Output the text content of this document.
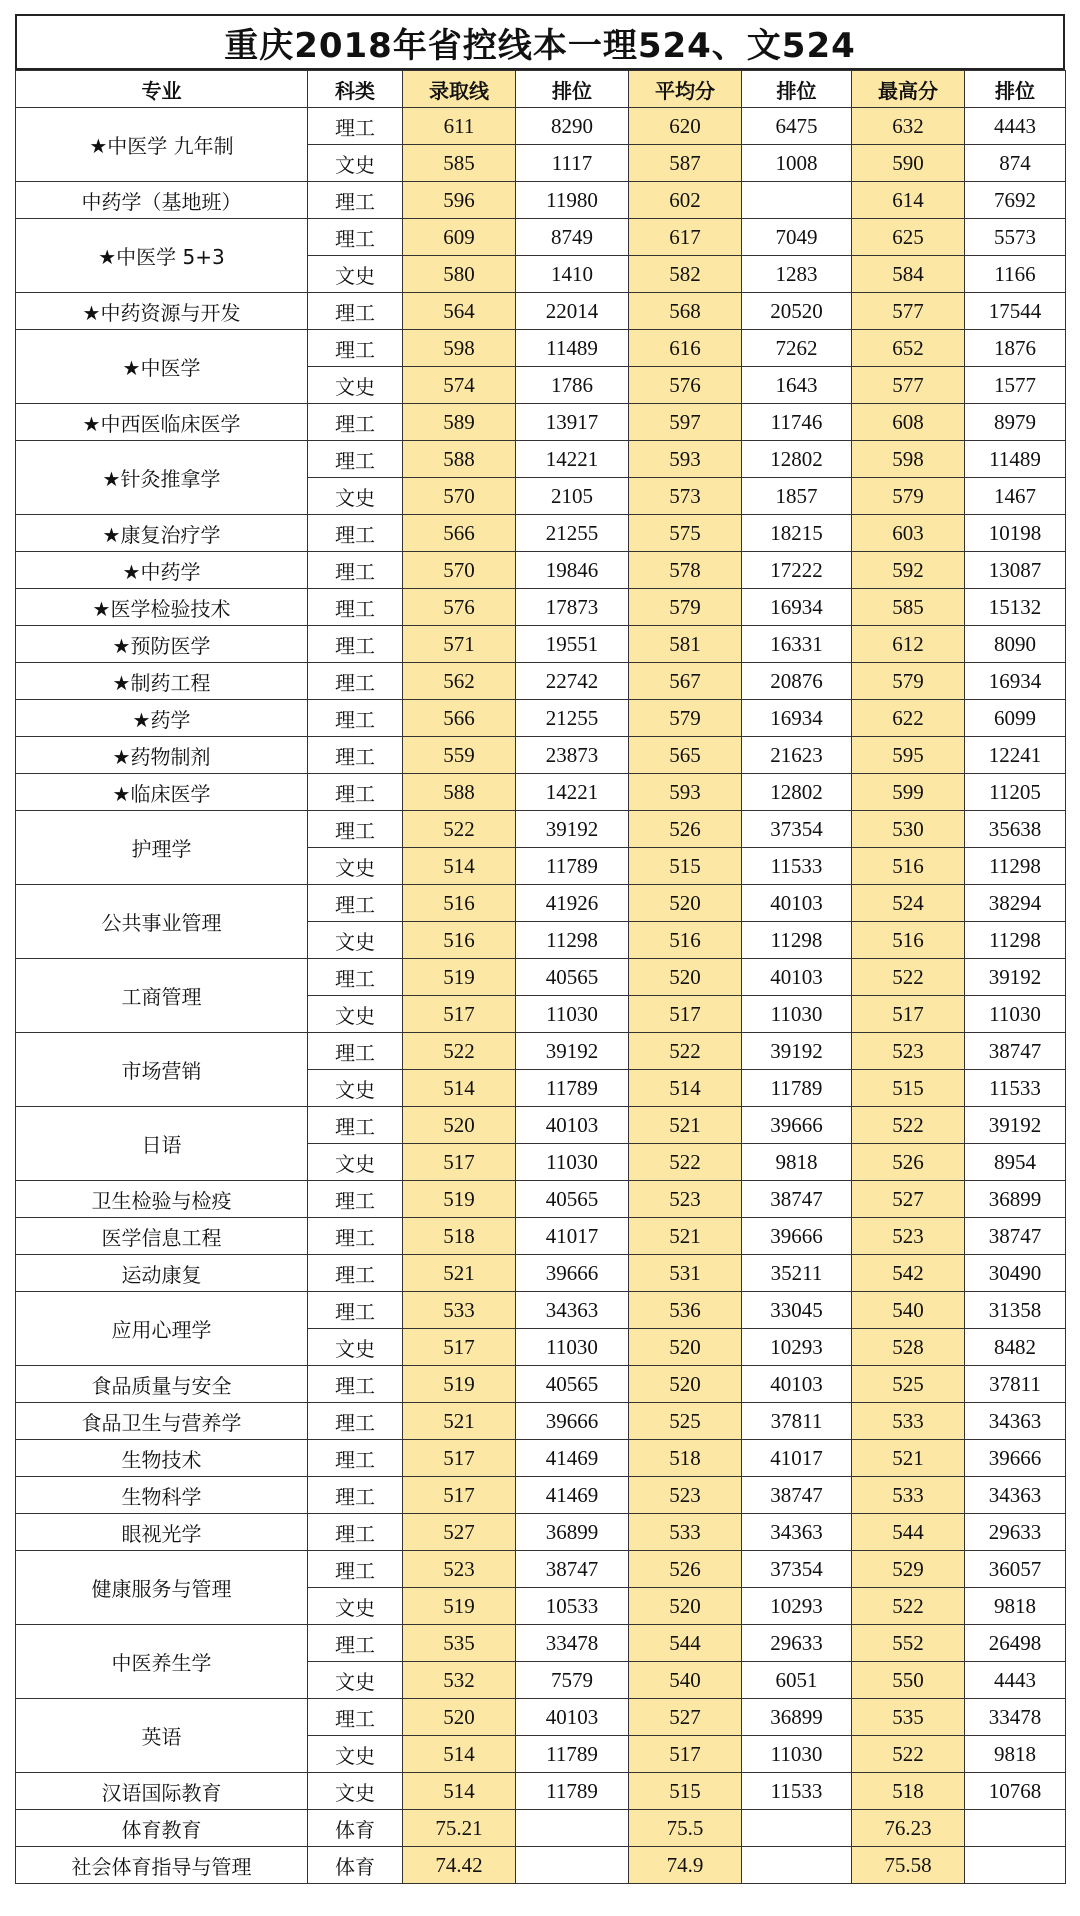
重庆2018年省控线本一理524、文524
专业	科类	录取线	排位	平均分	排位	最高分	排位
★中医学 九年制	理工	611	8290	620	6475	632	4443
	文史	585	1117	587	1008	590	874
中药学（基地班）	理工	596	11980	602		614	7692
★中医学 5+3	理工	609	8749	617	7049	625	5573
	文史	580	1410	582	1283	584	1166
★中药资源与开发	理工	564	22014	568	20520	577	17544
★中医学	理工	598	11489	616	7262	652	1876
	文史	574	1786	576	1643	577	1577
★中西医临床医学	理工	589	13917	597	11746	608	8979
★针灸推拿学	理工	588	14221	593	12802	598	11489
	文史	570	2105	573	1857	579	1467
★康复治疗学	理工	566	21255	575	18215	603	10198
★中药学	理工	570	19846	578	17222	592	13087
★医学检验技术	理工	576	17873	579	16934	585	15132
★预防医学	理工	571	19551	581	16331	612	8090
★制药工程	理工	562	22742	567	20876	579	16934
★药学	理工	566	21255	579	16934	622	6099
★药物制剂	理工	559	23873	565	21623	595	12241
★临床医学	理工	588	14221	593	12802	599	11205
护理学	理工	522	39192	526	37354	530	35638
	文史	514	11789	515	11533	516	11298
公共事业管理	理工	516	41926	520	40103	524	38294
	文史	516	11298	516	11298	516	11298
工商管理	理工	519	40565	520	40103	522	39192
	文史	517	11030	517	11030	517	11030
市场营销	理工	522	39192	522	39192	523	38747
	文史	514	11789	514	11789	515	11533
日语	理工	520	40103	521	39666	522	39192
	文史	517	11030	522	9818	526	8954
卫生检验与检疫	理工	519	40565	523	38747	527	36899
医学信息工程	理工	518	41017	521	39666	523	38747
运动康复	理工	521	39666	531	35211	542	30490
应用心理学	理工	533	34363	536	33045	540	31358
	文史	517	11030	520	10293	528	8482
食品质量与安全	理工	519	40565	520	40103	525	37811
食品卫生与营养学	理工	521	39666	525	37811	533	34363
生物技术	理工	517	41469	518	41017	521	39666
生物科学	理工	517	41469	523	38747	533	34363
眼视光学	理工	527	36899	533	34363	544	29633
健康服务与管理	理工	523	38747	526	37354	529	36057
	文史	519	10533	520	10293	522	9818
中医养生学	理工	535	33478	544	29633	552	26498
	文史	532	7579	540	6051	550	4443
英语	理工	520	40103	527	36899	535	33478
	文史	514	11789	517	11030	522	9818
汉语国际教育	文史	514	11789	515	11533	518	10768
体育教育	体育	75.21		75.5		76.23	
社会体育指导与管理	体育	74.42		74.9		75.58	
